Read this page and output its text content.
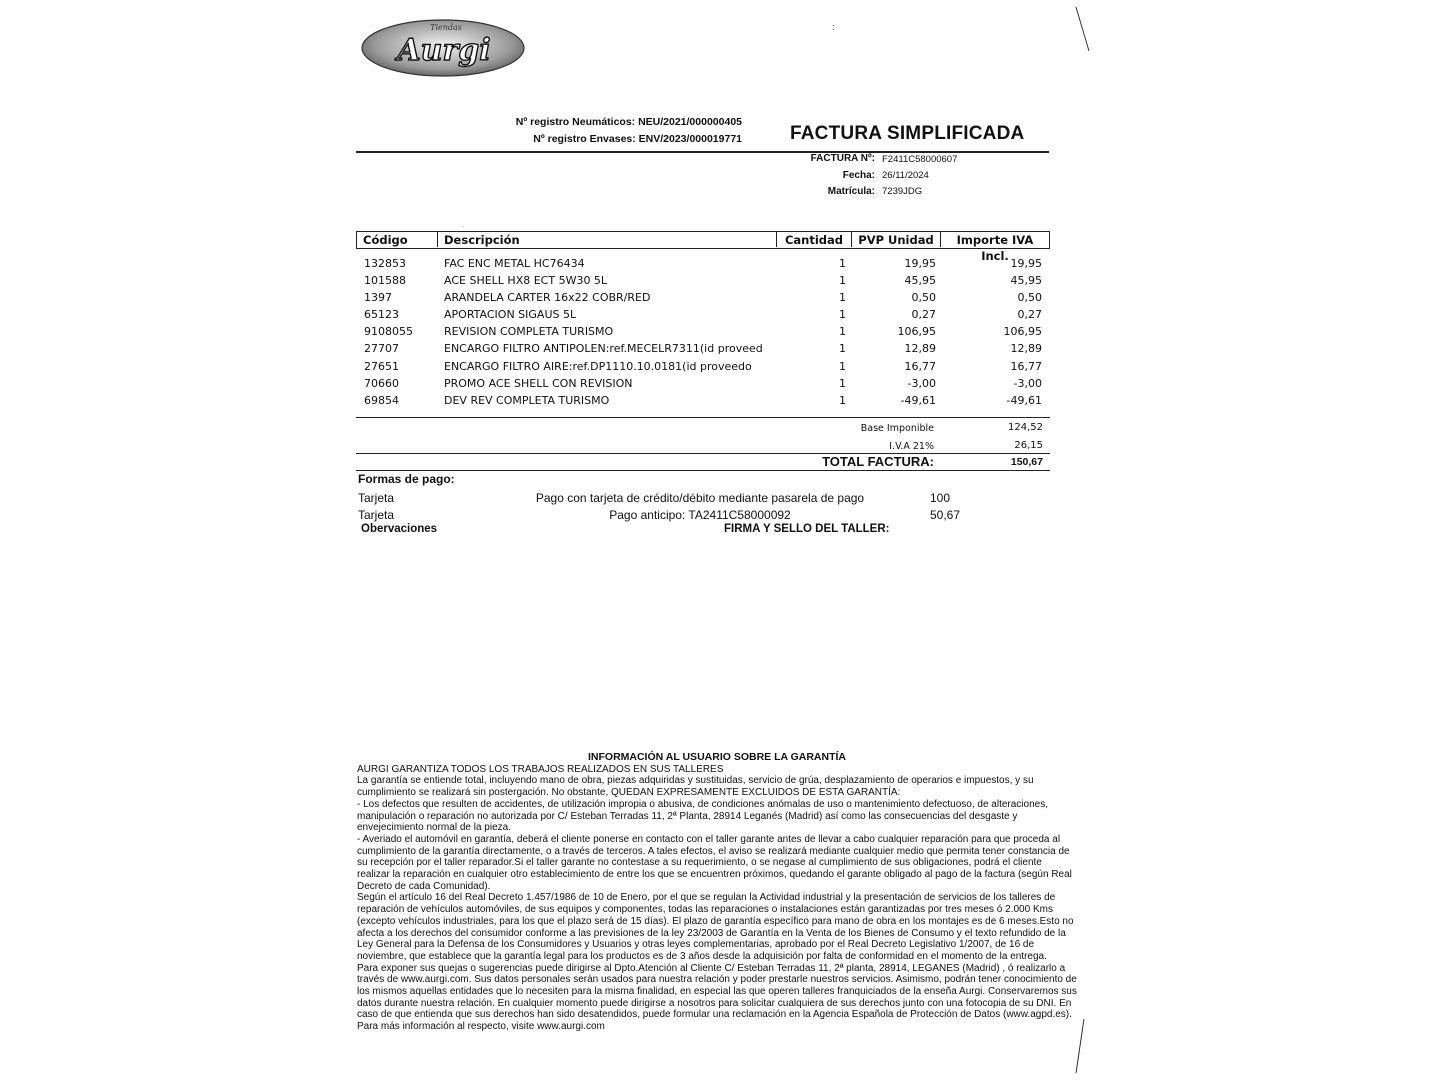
Tiendas
Aurgi
:
Nº registro Neumáticos: NEU/2021/000000405
Nº registro Envases: ENV/2023/000019771	FACTURA SIMPLIFICADA
FACTURA Nº: F2411C58000607
Fecha: 26/11/2024
Matrícula: 7239JDG
.
Código	Descripción	Cantidad	PVP Unidad	Importe IVA Incl.
132853	FAC ENC METAL HC76434	1	19,95	19,95
101588	ACE SHELL HX8 ECT 5W30 5L	1	45,95	45,95
1397	ARANDELA CARTER 16x22 COBR/RED	1	0,50	0,50
65123	APORTACION SIGAUS 5L	1	0,27	0,27
9108055	REVISION COMPLETA TURISMO	1	106,95	106,95
27707	ENCARGO FILTRO ANTIPOLEN:ref.MECELR7311(id proveed	1	12,89	12,89
27651	ENCARGO FILTRO AIRE:ref.DP1110.10.0181(id proveedo	1	16,77	16,77
70660	PROMO ACE SHELL CON REVISION	1	-3,00	-3,00
69854	DEV REV COMPLETA TURISMO	1	-49,61	-49,61
Base Imponible	124,52
I.V.A 21%	26,15
TOTAL FACTURA:	150,67
Formas de pago:
Tarjeta	Pago con tarjeta de crédito/débito mediante pasarela de pago	100
Tarjeta	Pago anticipo: TA2411C58000092	50,67
Obervaciones	FIRMA Y SELLO DEL TALLER:
INFORMACIÓN AL USUARIO SOBRE LA GARANTÍA

AURGI GARANTIZA TODOS LOS TRABAJOS REALIZADOS EN SUS TALLERES

La garantía se entiende total, incluyendo mano de obra, piezas adquiridas y sustituidas, servicio de grúa, desplazamiento de operarios e impuestos, y su cumplimiento se realizará sin postergación. No obstante, QUEDAN EXPRESAMENTE EXCLUIDOS DE ESTA GARANTÍA:

- Los defectos que resulten de accidentes, de utilización impropia o abusiva, de condiciones anómalas de uso o mantenimiento defectuoso, de alteraciones, manipulación o reparación no autorizada por C/ Esteban Terradas 11, 2ª Planta, 28914 Leganés (Madrid) así como las consecuencias del desgaste y envejecimiento normal de la pieza.

- Averiado el automóvil en garantía, deberá el cliente ponerse en contacto con el taller garante antes de llevar a cabo cualquier reparación para que proceda al cumplimiento de la garantía directamente, o a través de terceros. A tales efectos, el aviso se realizará mediante cualquier medio que permita tener constancia de su recepción por el taller reparador.Si el taller garante no contestase a su requerimiento, o se negase al cumplimiento de sus obligaciones, podrá el cliente realizar la reparación en cualquier otro establecimiento de entre los que se encuentren próximos, quedando el garante obligado al pago de la factura (según Real Decreto de cada Comunidad).

Según el artículo 16 del Real Decreto 1.457/1986 de 10 de Enero, por el que se regulan la Actividad industrial y la presentación de servicios de los talleres de reparación de vehículos automóviles, de sus equipos y componentes, todas las reparaciones o instalaciones están garantizadas por tres meses ó 2.000 Kms (excepto vehículos industriales, para los que el plazo será de 15 días). El plazo de garantía específico para mano de obra en los montajes es de 6 meses.Esto no afecta a los derechos del consumidor conforme a las previsiones de la ley 23/2003 de Garantía en la Venta de los Bienes de Consumo y el texto refundido de la Ley General para la Defensa de los Consumidores y Usuarios y otras leyes complementarias, aprobado por el Real Decreto Legislativo 1/2007, de 16 de noviembre, que establece que la garantía legal para los productos es de 3 años desde la adquisición por falta de conformidad en el momento de la entrega.

Para exponer sus quejas o sugerencias puede dirigirse al Dpto.Atención al Cliente C/ Esteban Terradas 11, 2ª planta, 28914, LEGANES (Madrid) , ó realizarlo a través de www.aurgi.com. Sus datos personales serán usados para nuestra relación y poder prestarle nuestros servicios. Asimismo, podrán tener conocimiento de los mismos aquellas entidades que lo necesiten para la misma finalidad, en especial las que operen talleres franquiciados de la enseña Aurgi. Conservaremos sus datos durante nuestra relación. En cualquier momento puede dirigirse a nosotros para solicitar cualquiera de sus derechos junto con una fotocopia de su DNI. En caso de que entienda que sus derechos han sido desatendidos, puede formular una reclamación en la Agencia Española de Protección de Datos (www.agpd.es). Para más información al respecto, visite www.aurgi.com
